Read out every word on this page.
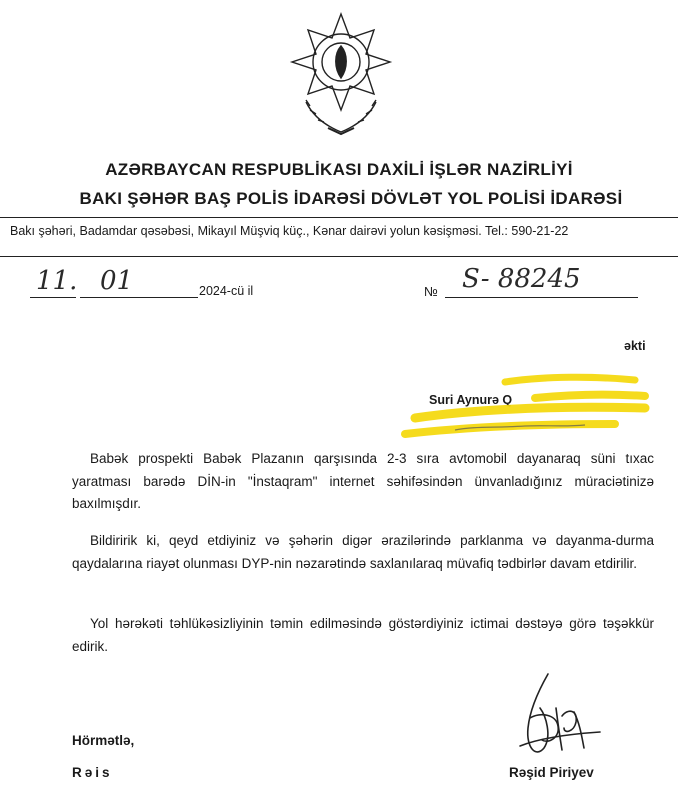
AZƏRBAYCAN RESPUBLİKASI DAXİLİ İŞLƏR NAZİRLİYİ
BAKI ŞƏHƏR BAŞ POLİS İDARƏSİ DÖVLƏT YOL POLİSİ İDARƏSİ
Bakı şəhəri, Badamdar qəsəbəsi, Mikayıl Müşviq küç., Kənar dairəvi yolun kəsişməsi. Tel.: 590-21-22
11. 01	2024-cü il	№ S- 88245
əkti
Suri Aynurə Q
Babək prospekti Babək Plazanın qarşısında 2-3 sıra avtomobil dayanaraq süni tıxac yaratması barədə DİN-in "İnstaqram" internet səhifəsindən ünvanladığınız müraciətinizə baxılmışdır.
Bildiririk ki, qeyd etdiyiniz və şəhərin digər ərazilərində parklanma və dayanma-durma qaydalarına riayət olunması DYP-nin nəzarətində saxlanılaraq müvafiq tədbirlər davam etdirilir.
Yol hərəkəti təhlükəsizliyinin təmin edilməsində göstərdiyiniz ictimai dəstəyə görə təşəkkür edirik.
Hörmətlə,
Rəis	Rəşid Piriyev
